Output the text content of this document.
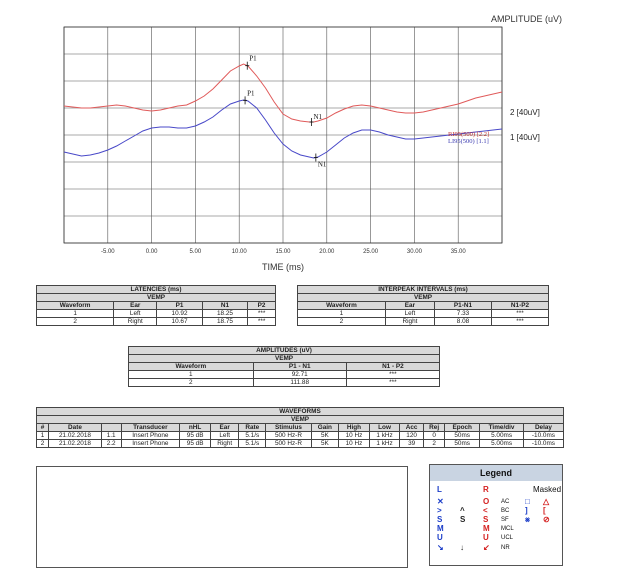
-5.00	0.00	5.00	10.00	15.00	20.00	25.00	30.00	35.00
2 [40uV]
1 [40uV]
P1
N1
P1
N1
RI95(500) [2.2]
LI95(500) [1.1]
AMPLITUDE (uV)
TIME (ms)
LATENCIES (ms)				
VEMP				
Waveform	Ear	P1	N1	P2
1	Left	10.92	18.25	***
2	Right	10.67	18.75	***
INTERPEAK INTERVALS (ms)			
VEMP			
Waveform	Ear	P1-N1	N1-P2
1	Left	7.33	***
2	Right	8.08	***
AMPLITUDES (uV)		
VEMP		
Waveform	P1 - N1	N1 - P2
1	92.71	***
2	111.88	***
WAVEFORMS															
VEMP															
#	Date		Transducer	nHL	Ear	Rate	Stimulus	Gain	High	Low	Acc	Rej	Epoch	Time/div	Delay
1	21.02.2018	1.1	Insert Phone	95 dB	Left	5.1/s	500 Hz-R	5K	10 Hz	1 kHz	120	0	50ms	5.00ms	-10.0ms
2	21.02.2018	2.2	Insert Phone	95 dB	Right	5.1/s	500 Hz-R	5K	10 Hz	1 kHz	39	2	50ms	5.00ms	-10.0ms
Legend
Masked
L
✕
>
S
M
U
↘
^
S
↓
R
O
<
S
M
U
↙
AC
BC
SF
MCL
UCL
NR
□
]
⨳
△
[
⊘
